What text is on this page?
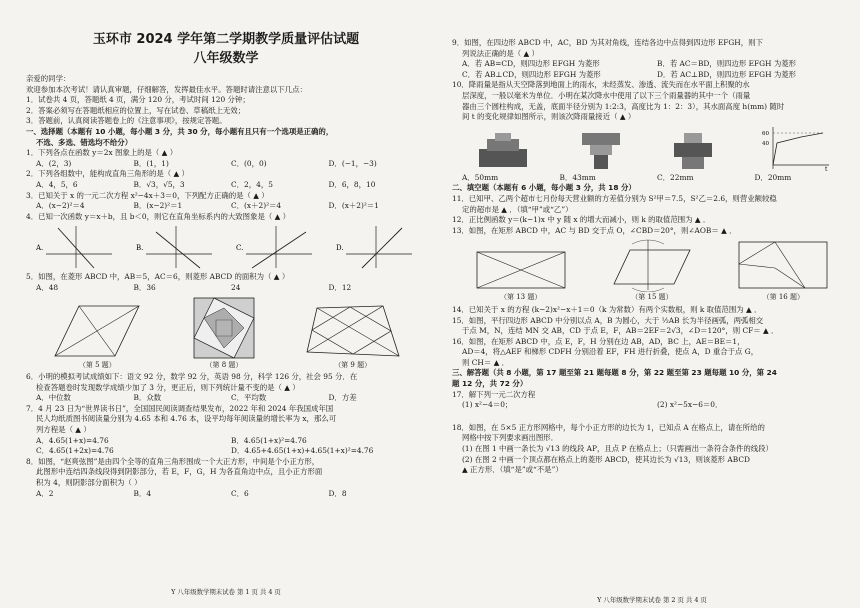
玉环市 2024 学年第二学期教学质量评估试题
八年级数学
亲爱的同学：
欢迎参加本次考试！请认真审题，仔细解答，发挥最佳水平。答题时请注意以下几点：
1．试卷共 4 页，答题纸 4 页，满分 120 分，考试时间 120 分钟；
2．答案必须写在答题纸相应的位置上，写在试卷、草稿纸上无效；
3．答题前，认真阅读答题卷上的《注意事项》，按规定答题。
一、选择题（本题有 10 小题，每小题 3 分，共 30 分，每小题有且只有一个选项是正确的，
不选、多选、错选均不给分）
1．下列各点在函数 y＝2x 图象上的是（ ▲ ）
A．(2，3)	B．(1，1)	C．(0，0)	D．(−1，−3)
2．下列各组数中，能构成直角三角形的是（ ▲ ）
A．4，5，6	B．√3，√5，3	C．2，4，5	D．6，8，10
3．已知关于 x 的一元二次方程 x²−4x＋3＝0，下列配方正确的是（ ▲ ）
A．(x−2)²＝4	B．(x−2)²＝1	C．(x＋2)²＝4	D．(x＋2)²＝1
4．已知一次函数 y＝x＋b，且 b＜0，则它在直角坐标系内的大致图象是（ ▲ ）
A.	B.	C.	D.
5．如图，在菱形 ABCD 中，AB＝5，AC＝6，则菱形 ABCD 的面积为（ ▲ ）
A．48	B．36	24	D．12
（第 5 题）	（第 8 题）	（第 9 题）
6．小明的模拟考试成绩如下：语文 92 分，数学 92 分，英语 98 分，科学 126 分，社会 95 分．在
检查答题卷时发现数学成绩少加了 3 分，更正后，则下列统计量不变的是（ ▲ ）
A．中位数	B．众数	C．平均数	D．方差
7．4 月 23 日为“世界读书日”，全国国民阅读调查结果发布，2022 年和 2024 年我国成年国
民人均纸质图书阅读量分别为 4.65 本和 4.76 本，设平均每年阅读量的增长率为 x，那么可
列方程是（ ▲ ）
A．4.65(1+x)=4.76	B．4.65(1+x)²=4.76
C．4.65(1+2x)=4.76	D．4.65+4.65(1+x)+4.65(1+x)²=4.76
8．如图，“赵爽弦图”是由四个全等的直角三角形围成一个大正方形，中间是个小正方形，
此图形中连结四条线段得到阴影部分，若 E，F，G，H 为各直角边中点，且小正方形面
积为 4，则阴影部分面积为（ ）
A．2	B．4	C．6	D．8
Y 八年级数学期末试卷 第 1 页 共 4 页
9．如图，在四边形 ABCD 中，AC，BD 为其对角线，连结各边中点得到四边形 EFGH，则下
列说法正确的是（ ▲ ）
A．若 AB=CD，则四边形 EFGH 为菱形	B．若 AC＝BD，则四边形 EFGH 为菱形
C．若 AB⊥CD，则四边形 EFGH 为菱形	D．若 AC⊥BD，则四边形 EFGH 为菱形
10．降雨量是指从天空降落到地面上的雨水，未经蒸发、渗透、流失而在水平面上积聚的水
层深度，一般以毫米为单位．小明在某次降水中使用了以下三个雨量器的其中一个（雨量
器由三个圆柱构成，无盖，底面半径分别为 1:2:3，高度比为 1：2：3），其水面高度 h(mm) 随时
间 t 的变化规律如图所示，则该次降雨量接近（ ▲ ）
60
40
t
A．50mm	B．43mm	C．22mm	D．20mm
二、填空题（本题有 6 小题，每小题 3 分，共 18 分）
11．已知甲、乙两个超市七月份每天营业额的方差值分别为 S²甲＝7.5，S²乙＝2.6，则营业额较稳
定的超市是 ▲ ．（填“甲”或“乙”）
12．正比例函数 y＝(k−1)x 中 y 随 x 的增大而减小，则 k 的取值范围为 ▲ ．
13．如图，在矩形 ABCD 中，AC 与 BD 交于点 O，∠CBD＝20°，则∠AOB＝ ▲ ．
（第 13 题）	（第 15 题）	（第 16 题）
14．已知关于 x 的方程 (k−2)x²−x＋1＝0（k 为常数）有两个实数根，则 k 取值范围为 ▲ ．
15．如图，平行四边形 ABCD 中分别以点 A，B 为圆心，大于 ½AB 长为半径画弧，两弧相交
于点 M，N，连结 MN 交 AB，CD 于点 E，F，AB＝2EF＝2√3，∠D＝120°，则 CF＝ ▲ ．
16．如图，在矩形 ABCD 中，点 E，F，H 分别在边 AB，AD，BC 上，AE＝BE＝1，
AD＝4，将△AEF 和梯形 CDFH 分别沿着 EF，FH 进行折叠，使点 A，D 重合于点 G，
则 CH＝ ▲ ．
三、解答题（共 8 小题，第 17 题至第 21 题每题 8 分，第 22 题至第 23 题每题 10 分，第 24
题 12 分，共 72 分）
17．解下列一元二次方程
(1) x²−4＝0；	(2) x²−5x−6＝0．
18．如图，在 5×5 正方形网格中，每个小正方形的边长为 1，已知点 A 在格点上，请在所给的
网格中按下列要求画出图形．
(1) 在图 1 中画一条长为 √13 的线段 AP，且点 P 在格点上；（只需画出一条符合条件的线段）
(2) 在图 2 中画一个顶点都在格点上的菱形 ABCD，使其边长为 √13，则该菱形 ABCD
▲ 正方形．（填“是”或“不是”）
Y 八年级数学期末试卷 第 2 页 共 4 页
